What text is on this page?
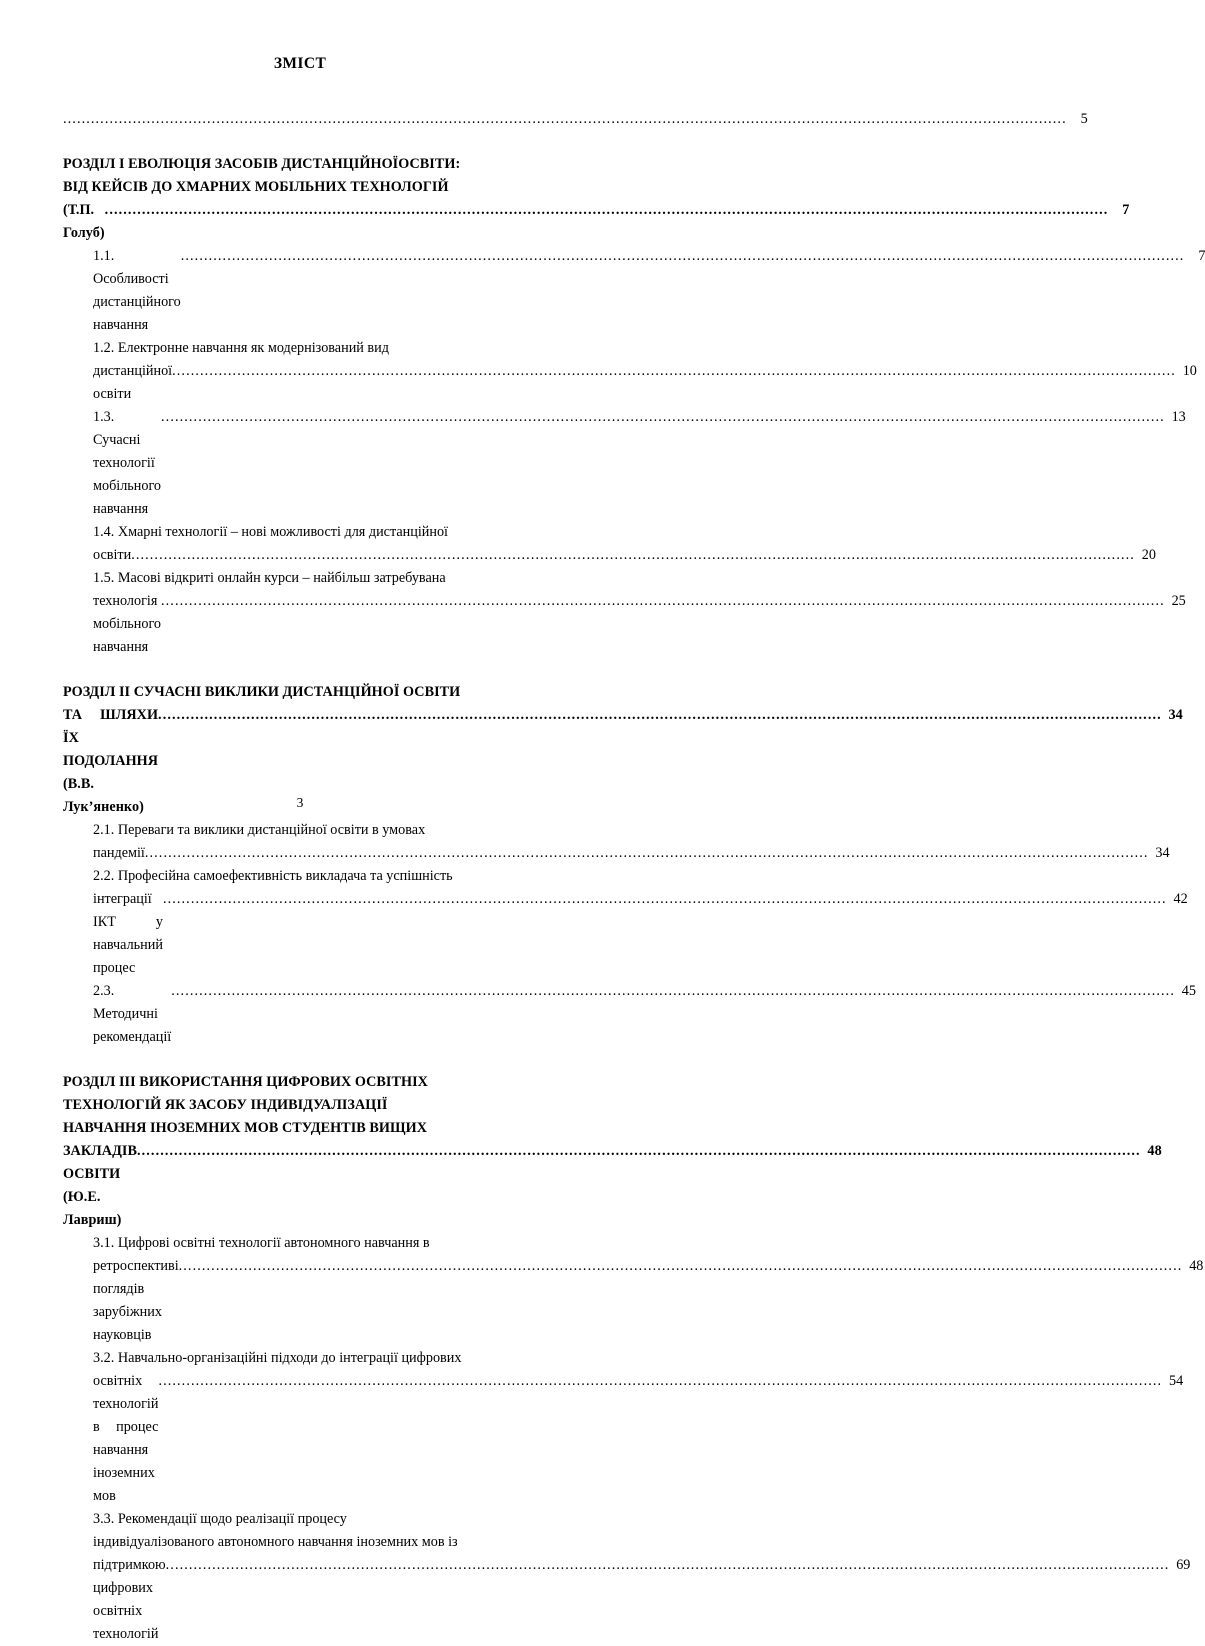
ЗМІСТ
.....
5
РОЗДІЛ І ЕВОЛЮЦІЯ ЗАСОБІВ ДИСТАНЦІЙНОЇОСВІТИ:
ВІД КЕЙСІВ ДО ХМАРНИХ МОБІЛЬНИХ ТЕХНОЛОГІЙ
(Т.П. Голуб)
.....
7
1.1. Особливості дистанційного навчання
.....
7
1.2. Електронне навчання як модернізований вид
дистанційної освіти
.....
10
1.3. Сучасні технології мобільного навчання
.....
13
1.4. Хмарні технології – нові можливості для дистанційної
освіти .....	20
1.5. Масові відкриті онлайн курси – найбільш затребувана
технологія мобільного навчання
.....
25
РОЗДІЛ ІІ СУЧАСНІ ВИКЛИКИ ДИСТАНЦІЙНОЇ ОСВІТИ
ТА ШЛЯХИ ЇХ ПОДОЛАННЯ (В.В. Лук’яненко)
.....
34
2.1. Переваги та виклики дистанційної освіти в умовах
пандемії .....	34
2.2. Професійна самоефективність викладача та успішність
інтеграції ІКТ у навчальний процес
.....
42
2.3. Методичні рекомендації
.....
45
РОЗДІЛ ІІІ ВИКОРИСТАННЯ ЦИФРОВИХ ОСВІТНІХ
ТЕХНОЛОГІЙ ЯК ЗАСОБУ ІНДИВІДУАЛІЗАЦІЇ
НАВЧАННЯ ІНОЗЕМНИХ МОВ СТУДЕНТІВ ВИЩИХ
ЗАКЛАДІВ ОСВІТИ (Ю.Е. Лавриш)
.....
48
3.1. Цифрові освітні технології автономного навчання в
ретроспективі поглядів зарубіжних науковців
.....
48
3.2. Навчально-організаційні підходи до інтеграції цифрових
освітніх технологій в процес навчання іноземних мов
.....
54
3.3. Рекомендації щодо реалізації процесу
індивідуалізованого автономного навчання іноземних мов із
підтримкою цифрових освітніх технологій
.....
69
3
